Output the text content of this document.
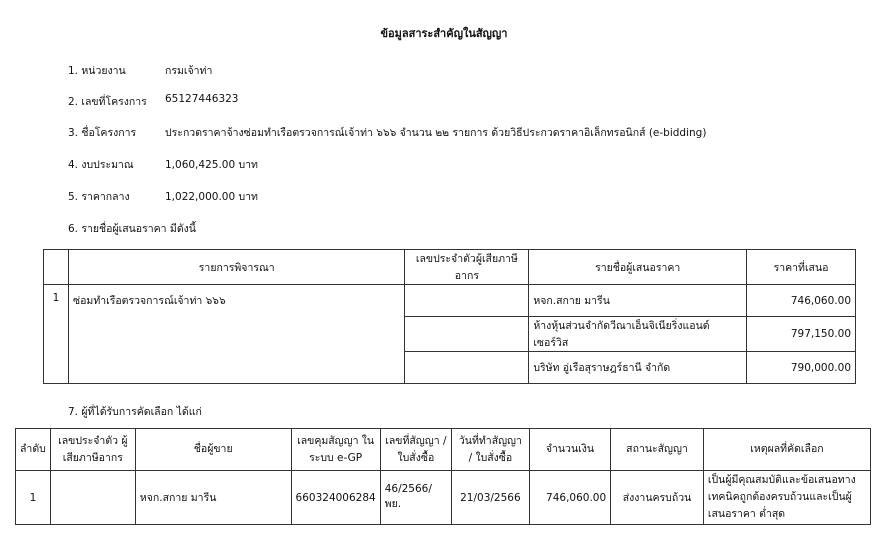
ข้อมูลสาระสำคัญในสัญญา
1. หน่วยงาน	กรมเจ้าท่า
2. เลขที่โครงการ 65127446323
3. ชื่อโครงการ	ประกวดราคาจ้างซ่อมทำเรือตรวจการณ์เจ้าท่า ๖๖๖ จำนวน ๒๒ รายการ ด้วยวิธีประกวดราคาอิเล็กทรอนิกส์ (e-bidding)
4. งบประมาณ	1,060,425.00 บาท
5. ราคากลาง	1,022,000.00 บาท
6. รายชื่อผู้เสนอราคา มีดังนี้
	รายการพิจารณา	เลขประจำตัวผู้เสียภาษีอากร	รายชื่อผู้เสนอราคา	ราคาที่เสนอ
1	ซ่อมทำเรือตรวจการณ์เจ้าท่า ๖๖๖		หจก.สกาย มารีน	746,060.00
			ห้างหุ้นส่วนจำกัดวีณาเอ็นจิเนียริ่งแอนด์เซอร์วิส	797,150.00
			บริษัท อู่เรือสุราษฎร์ธานี จำกัด	790,000.00
7. ผู้ที่ได้รับการคัดเลือก ได้แก่
ลำดับ	เลขประจำตัว ผู้เสียภาษีอากร	ชื่อผู้ขาย	เลขคุมสัญญา ในระบบ e-GP	เลขที่สัญญา / ใบสั่งซื้อ	วันที่ทำสัญญา / ใบสั่งซื้อ	จำนวนเงิน	สถานะสัญญา	เหตุผลที่คัดเลือก
1		หจก.สกาย มารีน	660324006284	46/2566/พย.	21/03/2566	746,060.00	ส่งงานครบถ้วน	เป็นผู้มีคุณสมบัติและข้อเสนอทางเทคนิคถูกต้องครบถ้วนและเป็นผู้เสนอราคา ต่ำสุด
